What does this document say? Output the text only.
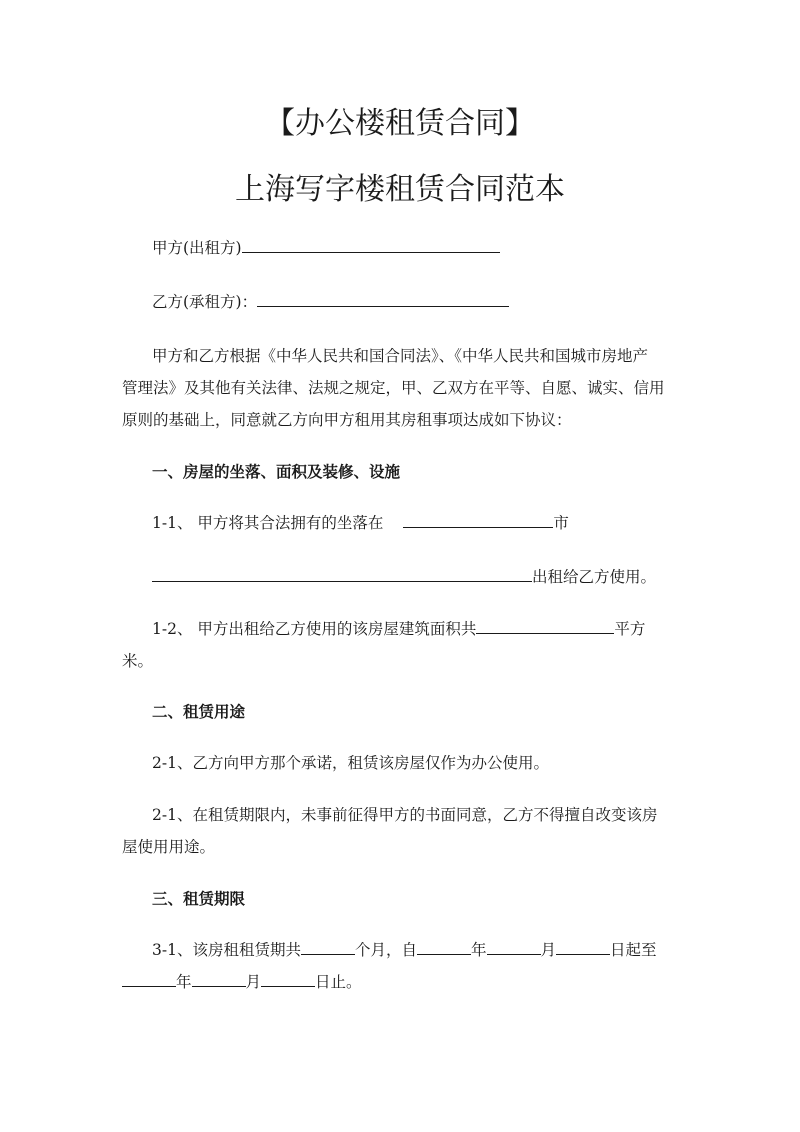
【办公楼租赁合同】
上海写字楼租赁合同范本
甲方(出租方)
乙方(承租方)：
甲方和乙方根据《中华人民共和国合同法》、《中华人民共和国城市房地产
管理法》及其他有关法律、法规之规定，甲、乙双方在平等、自愿、诚实、信用
原则的基础上，同意就乙方向甲方租用其房租事项达成如下协议：
一、房屋的坐落、面积及装修、设施
1-1、 甲方将其合法拥有的坐落在	市
出租给乙方使用。
1-2、 甲方出租给乙方使用的该房屋建筑面积共	平方
米。
二、租赁用途
2-1、乙方向甲方那个承诺，租赁该房屋仅作为办公使用。
2-1、在租赁期限内，未事前征得甲方的书面同意，乙方不得擅自改变该房
屋使用用途。
三、租赁期限
3-1、该房租租赁期共	个月，自	年	月	日起至
年	月	日止。
